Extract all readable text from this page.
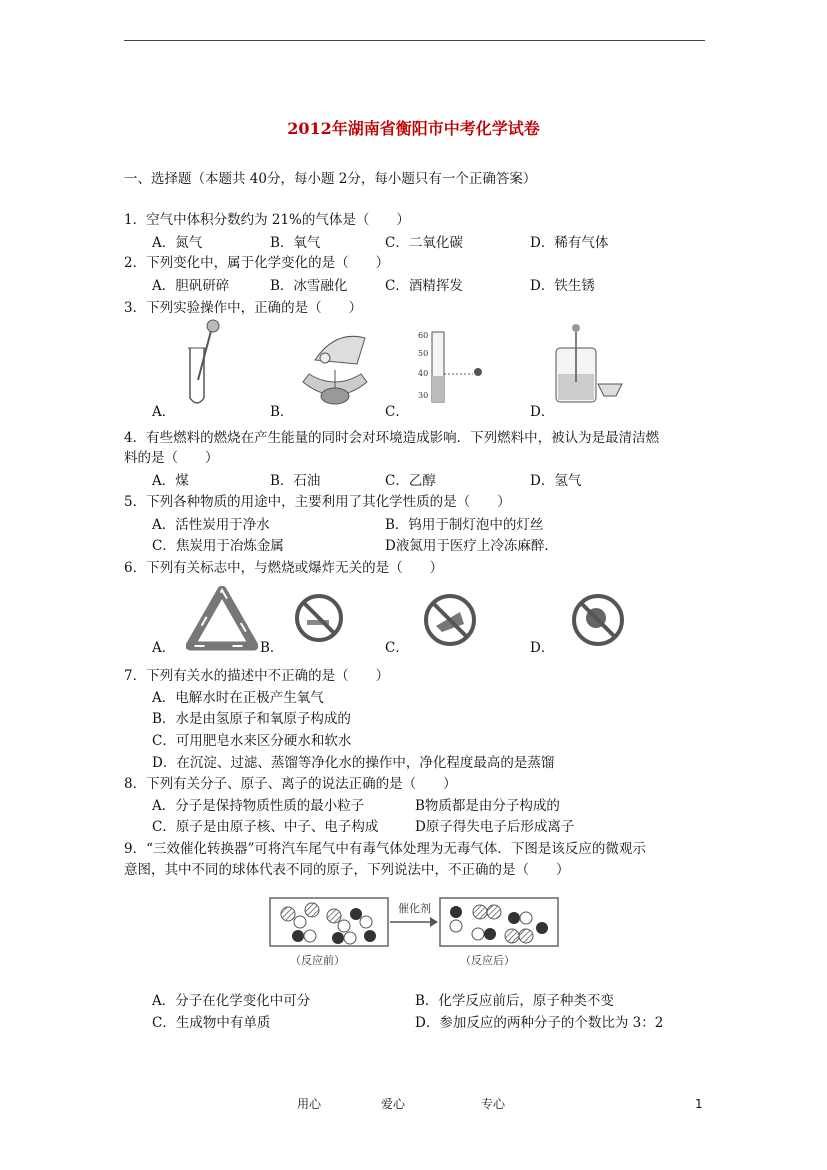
2012年湖南省衡阳市中考化学试卷
一、选择题（本题共 40分，每小题 2分，每小题只有一个正确答案）
1．空气中体积分数约为 21%的气体是（　　）
A．氮气	B．氧气	C．二氧化碳	D．稀有气体
2．下列变化中，属于化学变化的是（　　）
A．胆矾研碎	B．冰雪融化	C．酒精挥发	D．铁生锈
3．下列实验操作中，正确的是（　　）
60
50
40
30
A．	B．	C．	D．
4．有些燃料的燃烧在产生能量的同时会对环境造成影响．下列燃料中，被认为是最清洁燃
料的是（　　）
A．煤	B．石油	C．乙醇	D．氢气
5．下列各种物质的用途中，主要利用了其化学性质的是（　　）
A．活性炭用于净水	B．钨用于制灯泡中的灯丝
C．焦炭用于冶炼金属	D液氮用于医疗上冷冻麻醉．
6．下列有关标志中，与燃烧或爆炸无关的是（　　）
A．	B．	C．	D．
7．下列有关水的描述中不正确的是（　　）
A．电解水时在正极产生氧气
B．水是由氢原子和氧原子构成的
C．可用肥皂水来区分硬水和软水
D．在沉淀、过滤、蒸馏等净化水的操作中，净化程度最高的是蒸馏
8．下列有关分子、原子、离子的说法正确的是（　　）
A．分子是保持物质性质的最小粒子	B物质都是由分子构成的
C．原子是由原子核、中子、电子构成	D原子得失电子后形成离子
9．“三效催化转换器”可将汽车尾气中有毒气体处理为无毒气体．下图是该反应的微观示
意图，其中不同的球体代表不同的原子，下列说法中，不正确的是（　　）
催化剂
（反应前）	（反应后）
A．分子在化学变化中可分	B．化学反应前后，原子种类不变
C．生成物中有单质	D．参加反应的两种分子的个数比为 3：2
用心	爱心	专心	1
